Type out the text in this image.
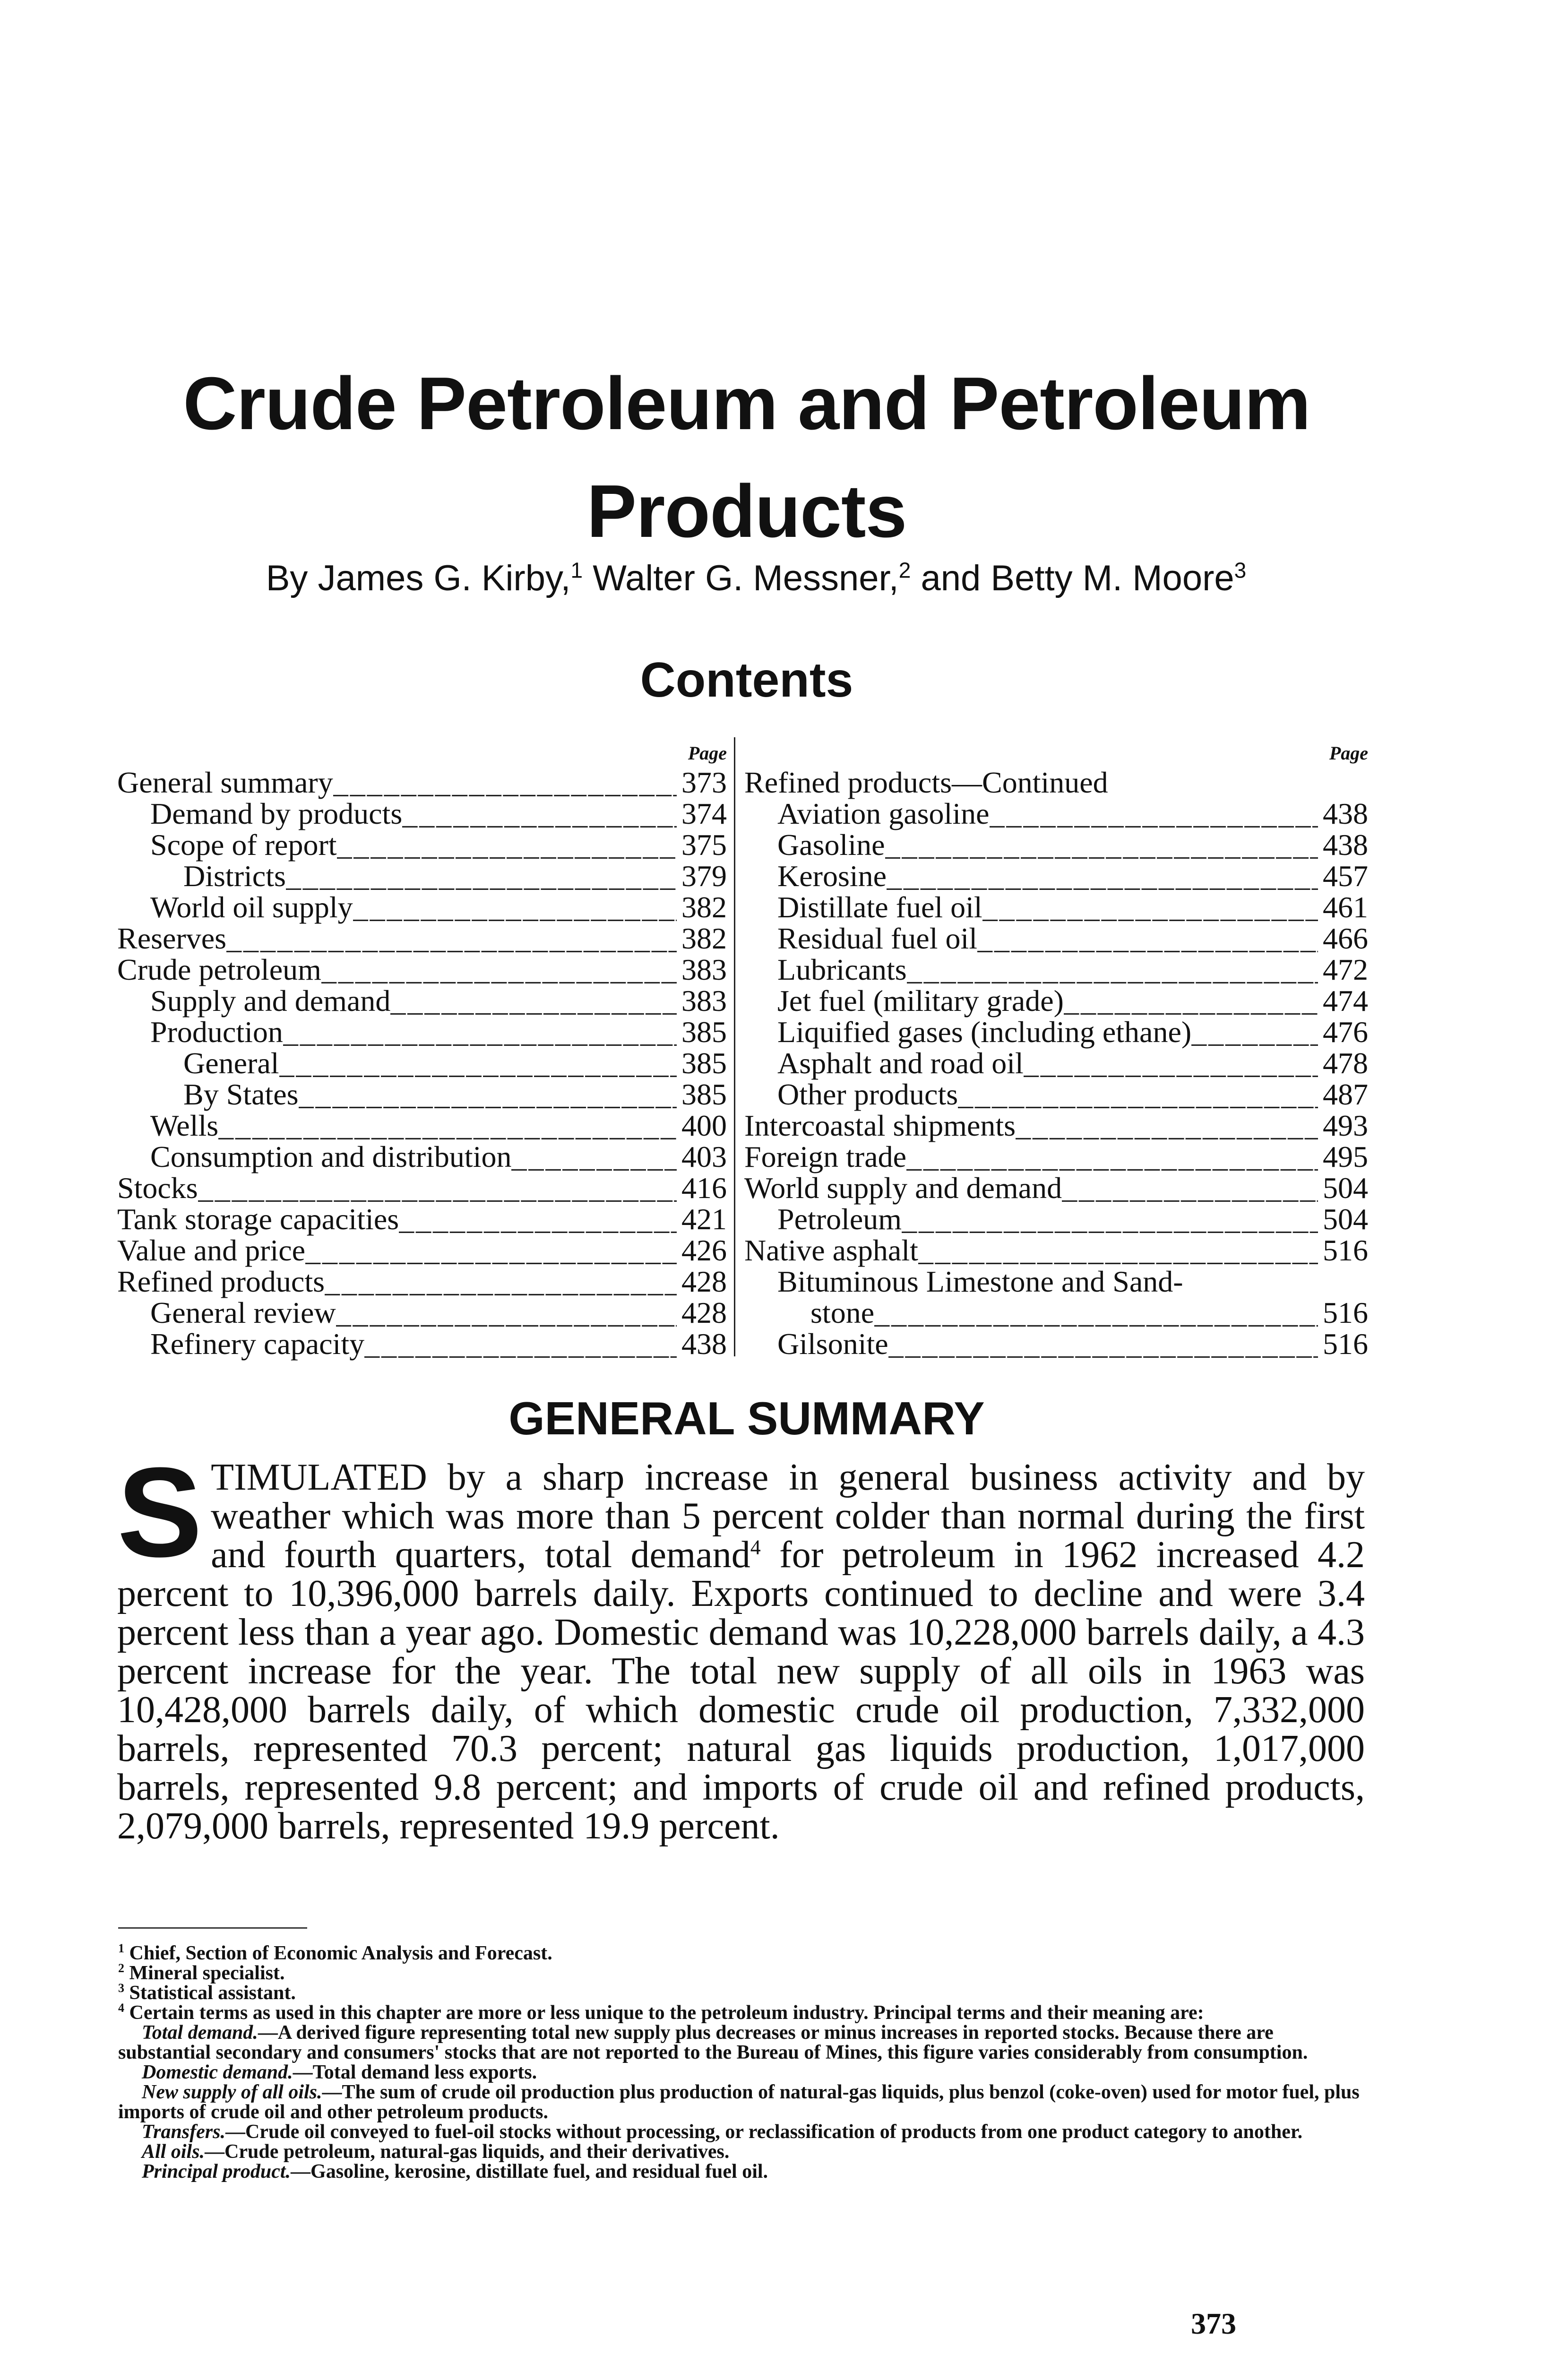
Crude Petroleum and Petroleum
Products
By James G. Kirby,$^1$ Walter G. Messner,$^2$ and Betty M. Moore$^3$
Contents
Page
General summary _ _ _	373
Demand by products _ _ _	374
Scope of report _ _ _	375
Districts _ _ _	379
World oil supply _ _ _	382
Reserves _ _ _	382
Crude petroleum _ _ _	383
Supply and demand _ _ _	383
Production _ _ _	385
General _ _ _	385
By States _ _ _	385
Wells _ _ _	400
Consumption and distribution _ _ _	403
Stocks _ _ _	416
Tank storage capacities _ _ _	421
Value and price _ _ _	426
Refined products _ _ _	428
General review _ _ _	428
Refinery capacity _ _ _	438
Page
Refined products—Continued
Aviation gasoline _ _ _	438
Gasoline _ _ _	438
Kerosine _ _ _	457
Distillate fuel oil _ _ _	461
Residual fuel oil _ _ _	466
Lubricants _ _ _	472
Jet fuel (military grade) _ _ _	474
Liquified gases (including ethane) _ _ _	476
Asphalt and road oil _ _ _	478
Other products _ _ _	487
Intercoastal shipments _ _ _	493
Foreign trade _ _ _	495
World supply and demand _ _ _	504
Petroleum _ _ _	504
Native asphalt _ _ _	516
Bituminous Limestone and Sand-
stone _ _ _	516
Gilsonite _ _ _	516
GENERAL SUMMARY
STIMULATED by a sharp increase in general business activity and by weather which was more than 5 percent colder than normal during the first and fourth quarters, total demand$^4$ for petroleum in 1962 increased 4.2 percent to 10,396,000 barrels daily. Exports continued to decline and were 3.4 percent less than a year ago. Domestic demand was 10,228,000 barrels daily, a 4.3 percent increase for the year. The total new supply of all oils in 1963 was 10,428,000 barrels daily, of which domestic crude oil production, 7,332,000 barrels, represented 70.3 percent; natural gas liquids production, 1,017,000 barrels, represented 9.8 percent; and imports of crude oil and refined products, 2,079,000 barrels, represented 19.9 percent.

$^1$ Chief, Section of Economic Analysis and Forecast.

$^2$ Mineral specialist.

$^3$ Statistical assistant.

$^4$ Certain terms as used in this chapter are more or less unique to the petroleum industry. Principal terms and their meaning are:

Total demand.—A derived figure representing total new supply plus decreases or minus increases in reported stocks. Because there are substantial secondary and consumers' stocks that are not reported to the Bureau of Mines, this figure varies considerably from consumption.

Domestic demand.—Total demand less exports.

New supply of all oils.—The sum of crude oil production plus production of natural-gas liquids, plus benzol (coke-oven) used for motor fuel, plus imports of crude oil and other petroleum products.

Transfers.—Crude oil conveyed to fuel-oil stocks without processing, or reclassification of products from one product category to another.

All oils.—Crude petroleum, natural-gas liquids, and their derivatives.

Principal product.—Gasoline, kerosine, distillate fuel, and residual fuel oil.

373
